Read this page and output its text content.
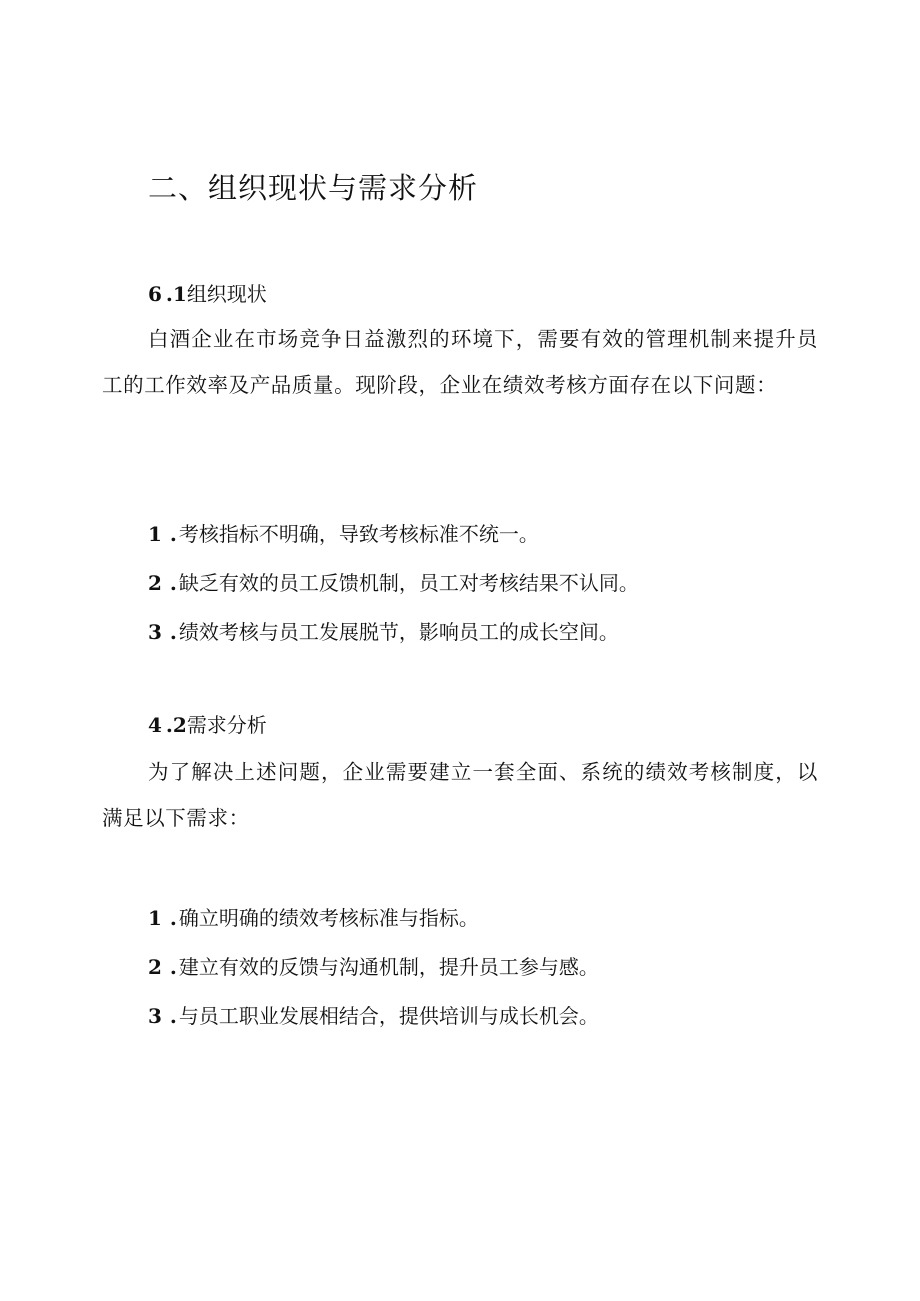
二、组织现状与需求分析

6 .1组织现状

白酒企业在市场竞争日益激烈的环境下，需要有效的管理机制来提升员工的工作效率及产品质量。现阶段，企业在绩效考核方面存在以下问题：

1 . 考核指标不明确，导致考核标准不统一。

2 . 缺乏有效的员工反馈机制，员工对考核结果不认同。

3 . 绩效考核与员工发展脱节，影响员工的成长空间。

4 .2需求分析

为了解决上述问题，企业需要建立一套全面、系统的绩效考核制度，以满足以下需求：

1 . 确立明确的绩效考核标准与指标。

2 . 建立有效的反馈与沟通机制，提升员工参与感。

3 . 与员工职业发展相结合，提供培训与成长机会。
